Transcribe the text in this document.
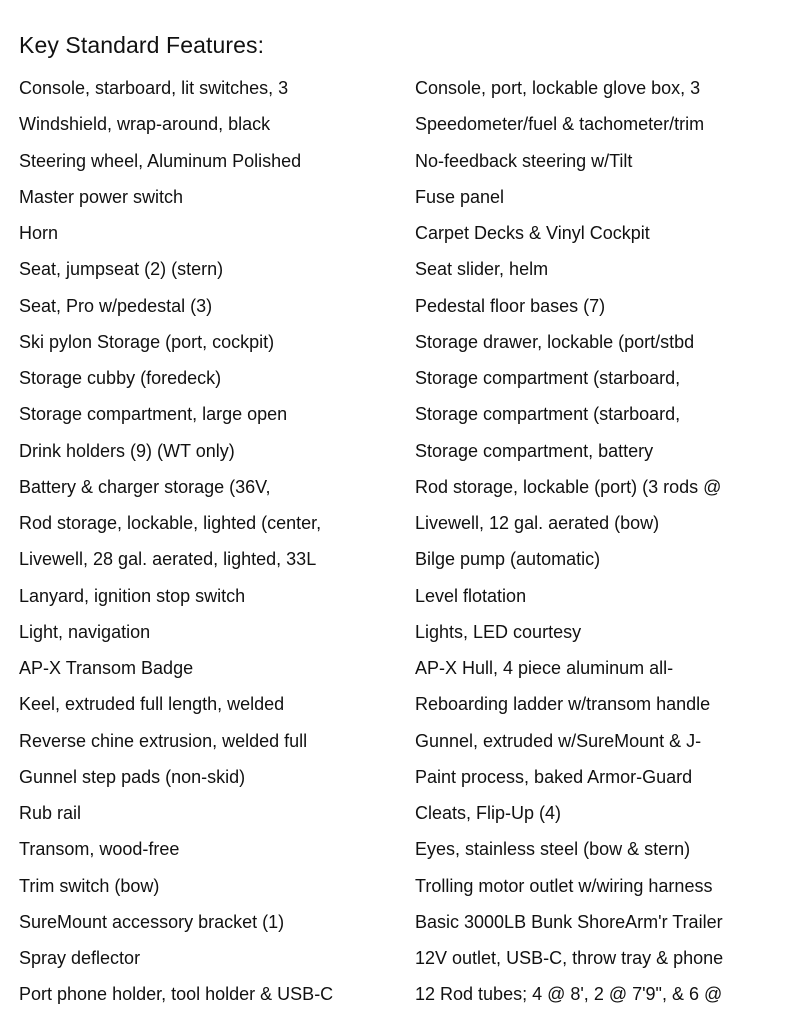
Key Standard Features:
Console, starboard, lit switches, 3
Windshield, wrap-around, black
Steering wheel, Aluminum Polished
Master power switch
Horn
Seat, jumpseat (2) (stern)
Seat, Pro w/pedestal (3)
Ski pylon Storage (port, cockpit)
Storage cubby (foredeck)
Storage compartment, large open
Drink holders (9) (WT only)
Battery & charger storage (36V,
Rod storage, lockable, lighted (center,
Livewell, 28 gal. aerated, lighted, 33L
Lanyard, ignition stop switch
Light, navigation
AP-X Transom Badge
Keel, extruded full length, welded
Reverse chine extrusion, welded full
Gunnel step pads (non-skid)
Rub rail
Transom, wood-free
Trim switch (bow)
SureMount accessory bracket (1)
Spray deflector
Port phone holder, tool holder & USB-C
Console, port, lockable glove box, 3
Speedometer/fuel & tachometer/trim
No-feedback steering w/Tilt
Fuse panel
Carpet Decks & Vinyl Cockpit
Seat slider, helm
Pedestal floor bases (7)
Storage drawer, lockable (port/stbd
Storage compartment (starboard,
Storage compartment (starboard,
Storage compartment, battery
Rod storage, lockable (port) (3 rods @
Livewell, 12 gal. aerated (bow)
Bilge pump (automatic)
Level flotation
Lights, LED courtesy
AP-X Hull, 4 piece aluminum all-
Reboarding ladder w/transom handle
Gunnel, extruded w/SureMount & J-
Paint process, baked Armor-Guard
Cleats, Flip-Up (4)
Eyes, stainless steel (bow & stern)
Trolling motor outlet w/wiring harness
Basic 3000LB Bunk ShoreArm'r Trailer
12V outlet, USB-C, throw tray & phone
12 Rod tubes; 4 @ 8', 2 @ 7'9", & 6 @
